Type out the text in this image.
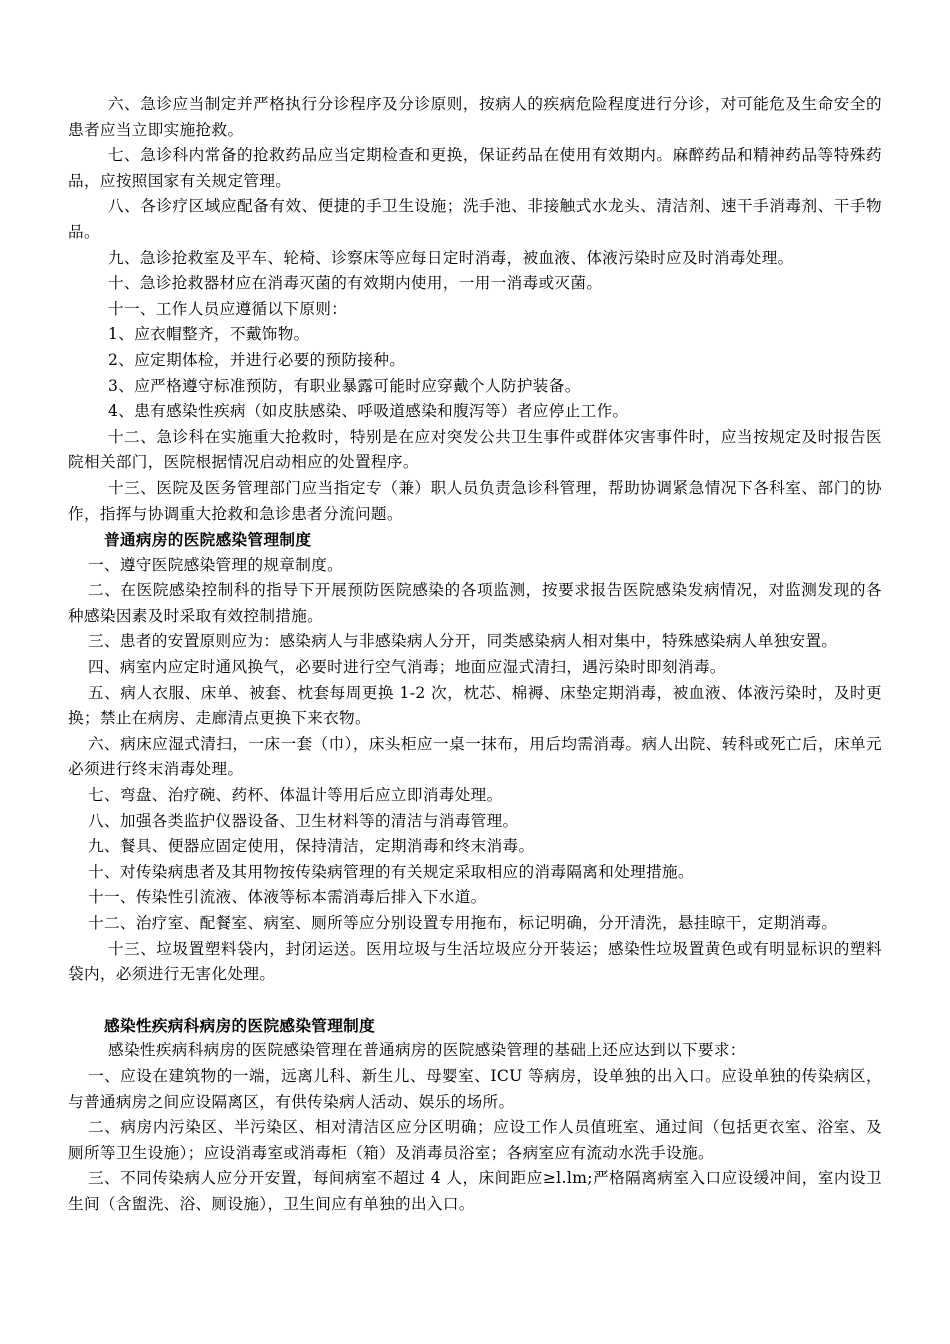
六、急诊应当制定并严格执行分诊程序及分诊原则，按病人的疾病危险程度进行分诊，对可能危及生命安全的患者应当立即实施抢救。

七、急诊科内常备的抢救药品应当定期检查和更换，保证药品在使用有效期内。麻醉药品和精神药品等特殊药品，应按照国家有关规定管理。

八、各诊疗区域应配备有效、便捷的手卫生设施；洗手池、非接触式水龙头、清洁剂、速干手消毒剂、干手物品。

九、急诊抢救室及平车、轮椅、诊察床等应每日定时消毒，被血液、体液污染时应及时消毒处理。

十、急诊抢救器材应在消毒灭菌的有效期内使用，一用一消毒或灭菌。

十一、工作人员应遵循以下原则：

1、应衣帽整齐，不戴饰物。

2、应定期体检，并进行必要的预防接种。

3、应严格遵守标准预防，有职业暴露可能时应穿戴个人防护装备。

4、患有感染性疾病（如皮肤感染、呼吸道感染和腹泻等）者应停止工作。

十二、急诊科在实施重大抢救时，特别是在应对突发公共卫生事件或群体灾害事件时，应当按规定及时报告医院相关部门，医院根据情况启动相应的处置程序。

十三、医院及医务管理部门应当指定专（兼）职人员负责急诊科管理，帮助协调紧急情况下各科室、部门的协作，指挥与协调重大抢救和急诊患者分流问题。

普通病房的医院感染管理制度

一、遵守医院感染管理的规章制度。

二、在医院感染控制科的指导下开展预防医院感染的各项监测，按要求报告医院感染发病情况，对监测发现的各种感染因素及时采取有效控制措施。

三、患者的安置原则应为：感染病人与非感染病人分开，同类感染病人相对集中，特殊感染病人单独安置。

四、病室内应定时通风换气，必要时进行空气消毒；地面应湿式清扫，遇污染时即刻消毒。

五、病人衣服、床单、被套、枕套每周更换 1-2 次，枕芯、棉褥、床垫定期消毒，被血液、体液污染时，及时更换；禁止在病房、走廊清点更换下来衣物。

六、病床应湿式清扫，一床一套（巾），床头柜应一桌一抹布，用后均需消毒。病人出院、转科或死亡后，床单元必须进行终末消毒处理。

七、弯盘、治疗碗、药杯、体温计等用后应立即消毒处理。

八、加强各类监护仪器设备、卫生材料等的清洁与消毒管理。

九、餐具、便器应固定使用，保持清洁，定期消毒和终末消毒。

十、对传染病患者及其用物按传染病管理的有关规定采取相应的消毒隔离和处理措施。

十一、传染性引流液、体液等标本需消毒后排入下水道。

十二、治疗室、配餐室、病室、厕所等应分别设置专用拖布，标记明确，分开清洗，悬挂晾干，定期消毒。

十三、垃圾置塑料袋内，封闭运送。医用垃圾与生活垃圾应分开装运；感染性垃圾置黄色或有明显标识的塑料袋内，必须进行无害化处理。

感染性疾病科病房的医院感染管理制度

感染性疾病科病房的医院感染管理在普通病房的医院感染管理的基础上还应达到以下要求：

一、应设在建筑物的一端，远离儿科、新生儿、母婴室、ICU 等病房，设单独的出入口。应设单独的传染病区，与普通病房之间应设隔离区，有供传染病人活动、娱乐的场所。

二、病房内污染区、半污染区、相对清洁区应分区明确；应设工作人员值班室、通过间（包括更衣室、浴室、及厕所等卫生设施）；应设消毒室或消毒柜（箱）及消毒员浴室；各病室应有流动水洗手设施。

三、不同传染病人应分开安置，每间病室不超过 4 人，床间距应≥l.lm;严格隔离病室入口应设缓冲间，室内设卫生间（含盥洗、浴、厕设施），卫生间应有单独的出入口。
